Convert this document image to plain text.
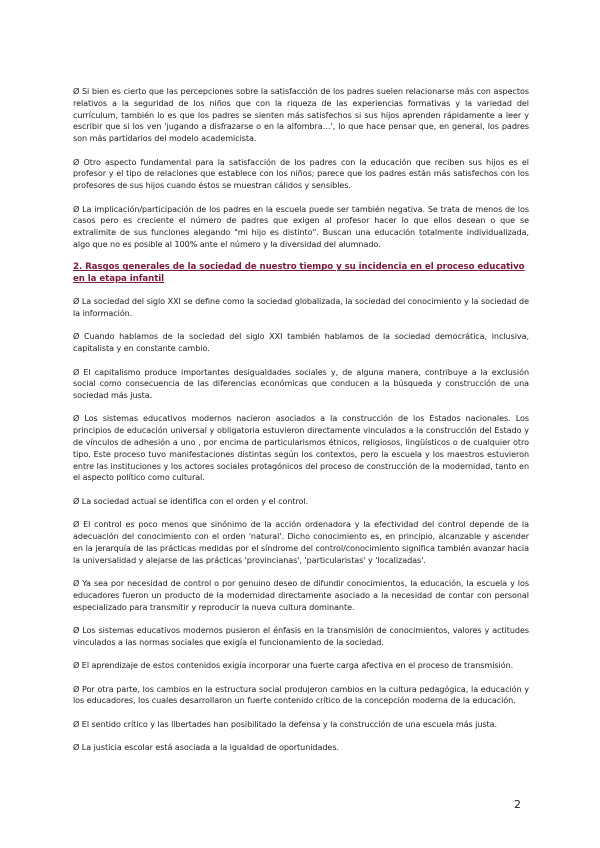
Ø Si bien es cierto que las percepciones sobre la satisfacción de los padres suelen relacionarse más con aspectos relativos a la seguridad de los niños que con la riqueza de las experiencias formativas y la variedad del currículum, también lo es que los padres se sienten más satisfechos si sus hijos aprenden rápidamente a leer y escribir que si los ven 'jugando a disfrazarse o en la alfombra…', lo que hace pensar que, en general, los padres son más partidarios del modelo academicista.

Ø Otro aspecto fundamental para la satisfacción de los padres con la educación que reciben sus hijos es el profesor y el tipo de relaciones que establece con los niños; parece que los padres están más satisfechos con los profesores de sus hijos cuando éstos se muestran cálidos y sensibles.

Ø La implicación/participación de los padres en la escuela puede ser también negativa. Se trata de menos de los casos pero es creciente el número de padres que exigen al profesor hacer lo que ellos desean o que se extralimite de sus funciones alegando "mi hijo es distinto". Buscan una educación totalmente individualizada, algo que no es posible al 100% ante el número y la diversidad del alumnado.

2. Rasgos generales de la sociedad de nuestro tiempo y su incidencia en el proceso educativo en la etapa infantil

Ø La sociedad del siglo XXI se define como la sociedad globalizada, la sociedad del conocimiento y la sociedad de la información.

Ø Cuando hablamos de la sociedad del siglo XXI también hablamos de la sociedad democrática, inclusiva, capitalista y en constante cambio.

Ø El capitalismo produce importantes desigualdades sociales y, de alguna manera, contribuye a la exclusión social como consecuencia de las diferencias económicas que conducen a la búsqueda y construcción de una sociedad más justa.

Ø Los sistemas educativos modernos nacieron asociados a la construcción de los Estados nacionales. Los principios de educación universal y obligatoria estuvieron directamente vinculados a la construcción del Estado y de vínculos de adhesión a uno , por encima de particularismos étnicos, religiosos, lingüísticos o de cualquier otro tipo. Este proceso tuvo manifestaciones distintas según los contextos, pero la escuela y los maestros estuvieron entre las instituciones y los actores sociales protagónicos del proceso de construcción de la modernidad, tanto en el aspecto político como cultural.

Ø La sociedad actual se identifica con el orden y el control.

Ø El control es poco menos que sinónimo de la acción ordenadora y la efectividad del control depende de la adecuación del conocimiento con el orden 'natural'. Dicho conocimiento es, en principio, alcanzable y ascender en la jerarquía de las prácticas medidas por el síndrome del control/conocimiento significa también avanzar hacia la universalidad y alejarse de las prácticas 'provincianas', 'particularistas' y 'localizadas'.

Ø Ya sea por necesidad de control o por genuino deseo de difundir conocimientos, la educación, la escuela y los educadores fueron un producto de la modernidad directamente asociado a la necesidad de contar con personal especializado para transmitir y reproducir la nueva cultura dominante.

Ø Los sistemas educativos modernos pusieron el énfasis en la transmisión de conocimientos, valores y actitudes vinculados a las normas sociales que exigía el funcionamiento de la sociedad.

Ø El aprendizaje de estos contenidos exigía incorporar una fuerte carga afectiva en el proceso de transmisión.

Ø Por otra parte, los cambios en la estructura social produjeron cambios en la cultura pedagógica, la educación y los educadores, los cuales desarrollaron un fuerte contenido crítico de la concepción moderna de la educación.

Ø El sentido crítico y las libertades han posibilitado la defensa y la construcción de una escuela más justa.

Ø La justicia escolar está asociada a la igualdad de oportunidades.

2
